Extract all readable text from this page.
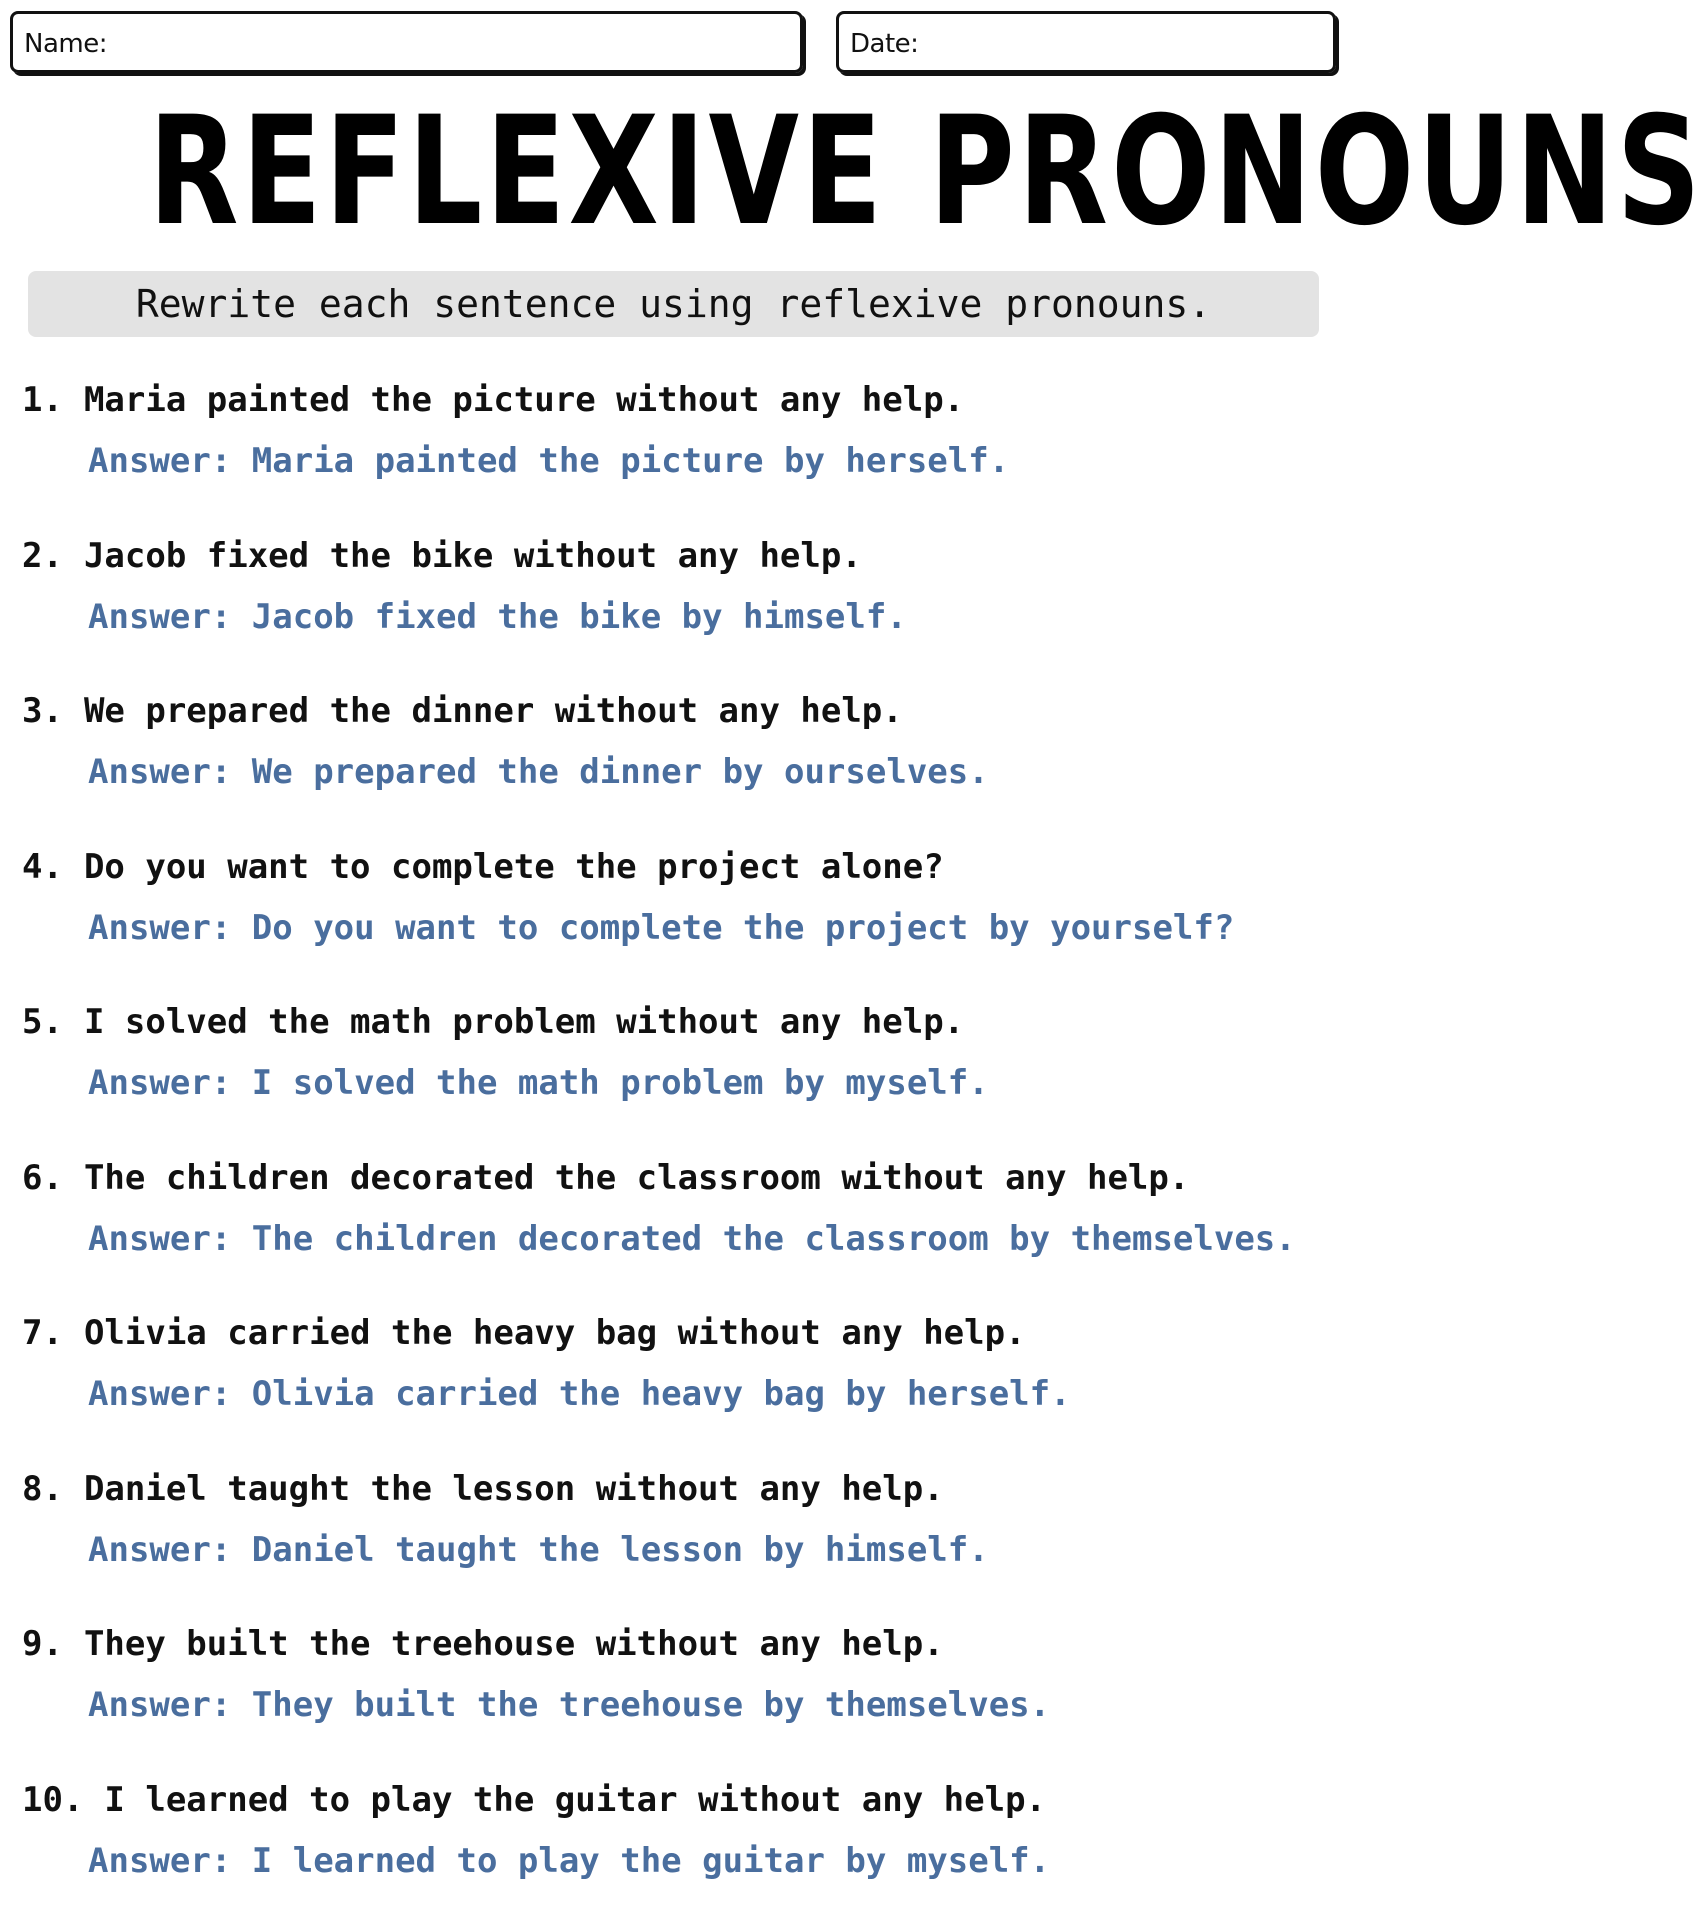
Name:	Date:
REFLEXIVE PRONOUNS
Rewrite each sentence using reflexive pronouns.
1. Maria painted the picture without any help.
Answer: Maria painted the picture by herself.
2. Jacob fixed the bike without any help.
Answer: Jacob fixed the bike by himself.
3. We prepared the dinner without any help.
Answer: We prepared the dinner by ourselves.
4. Do you want to complete the project alone?
Answer: Do you want to complete the project by yourself?
5. I solved the math problem without any help.
Answer: I solved the math problem by myself.
6. The children decorated the classroom without any help.
Answer: The children decorated the classroom by themselves.
7. Olivia carried the heavy bag without any help.
Answer: Olivia carried the heavy bag by herself.
8. Daniel taught the lesson without any help.
Answer: Daniel taught the lesson by himself.
9. They built the treehouse without any help.
Answer: They built the treehouse by themselves.
10. I learned to play the guitar without any help.
Answer: I learned to play the guitar by myself.
